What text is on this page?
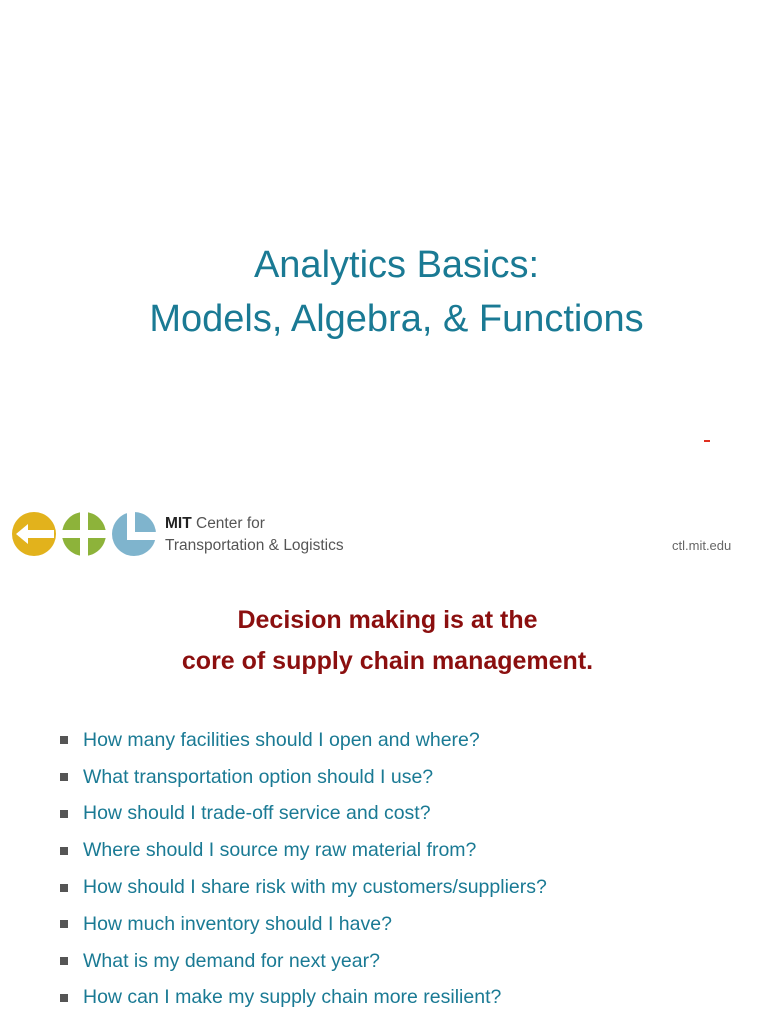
Analytics Basics:
Models, Algebra, & Functions
MIT Center for
Transportation & Logistics	ctl.mit.edu
Decision making is at the
core of supply chain management.
How many facilities should I open and where?
What transportation option should I use?
How should I trade-off service and cost?
Where should I source my raw material from?
How should I share risk with my customers/suppliers?
How much inventory should I have?
What is my demand for next year?
How can I make my supply chain more resilient?
